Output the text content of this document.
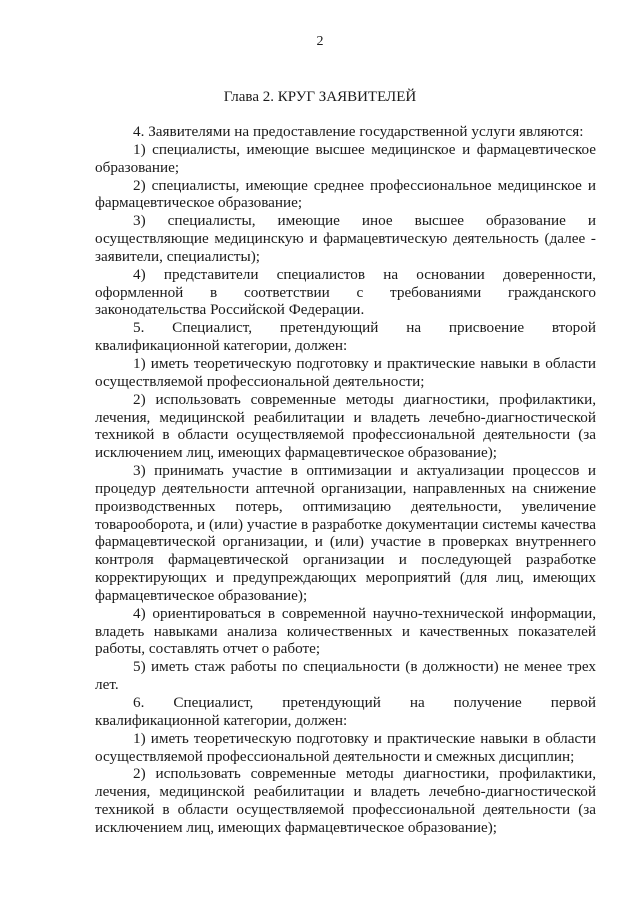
2
Глава 2. КРУГ ЗАЯВИТЕЛЕЙ

4. Заявителями на предоставление государственной услуги являются:

1) специалисты, имеющие высшее медицинское и фармацевтическое образование;

2) специалисты, имеющие среднее профессиональное медицинское и фармацевтическое образование;

3) специалисты, имеющие иное высшее образование и осуществляющие медицинскую и фармацевтическую деятельность (далее - заявители, специалисты);

4) представители специалистов на основании доверенности, оформленной в соответствии с требованиями гражданского законодательства Российской Федерации.

5. Специалист, претендующий на присвоение второй квалификационной категории, должен:

1) иметь теоретическую подготовку и практические навыки в области осуществляемой профессиональной деятельности;

2) использовать современные методы диагностики, профилактики, лечения, медицинской реабилитации и владеть лечебно-диагностической техникой в области осуществляемой профессиональной деятельности (за исключением лиц, имеющих фармацевтическое образование);

3) принимать участие в оптимизации и актуализации процессов и процедур деятельности аптечной организации, направленных на снижение производственных потерь, оптимизацию деятельности, увеличение товарооборота, и (или) участие в разработке документации системы качества фармацевтической организации, и (или) участие в проверках внутреннего контроля фармацевтической организации и последующей разработке корректирующих и предупреждающих мероприятий (для лиц, имеющих фармацевтическое образование);

4) ориентироваться в современной научно-технической информации, владеть навыками анализа количественных и качественных показателей работы, составлять отчет о работе;

5) иметь стаж работы по специальности (в должности) не менее трех лет.

6. Специалист, претендующий на получение первой квалификационной категории, должен:

1) иметь теоретическую подготовку и практические навыки в области осуществляемой профессиональной деятельности и смежных дисциплин;

2) использовать современные методы диагностики, профилактики, лечения, медицинской реабилитации и владеть лечебно-диагностической техникой в области осуществляемой профессиональной деятельности (за исключением лиц, имеющих фармацевтическое образование);
